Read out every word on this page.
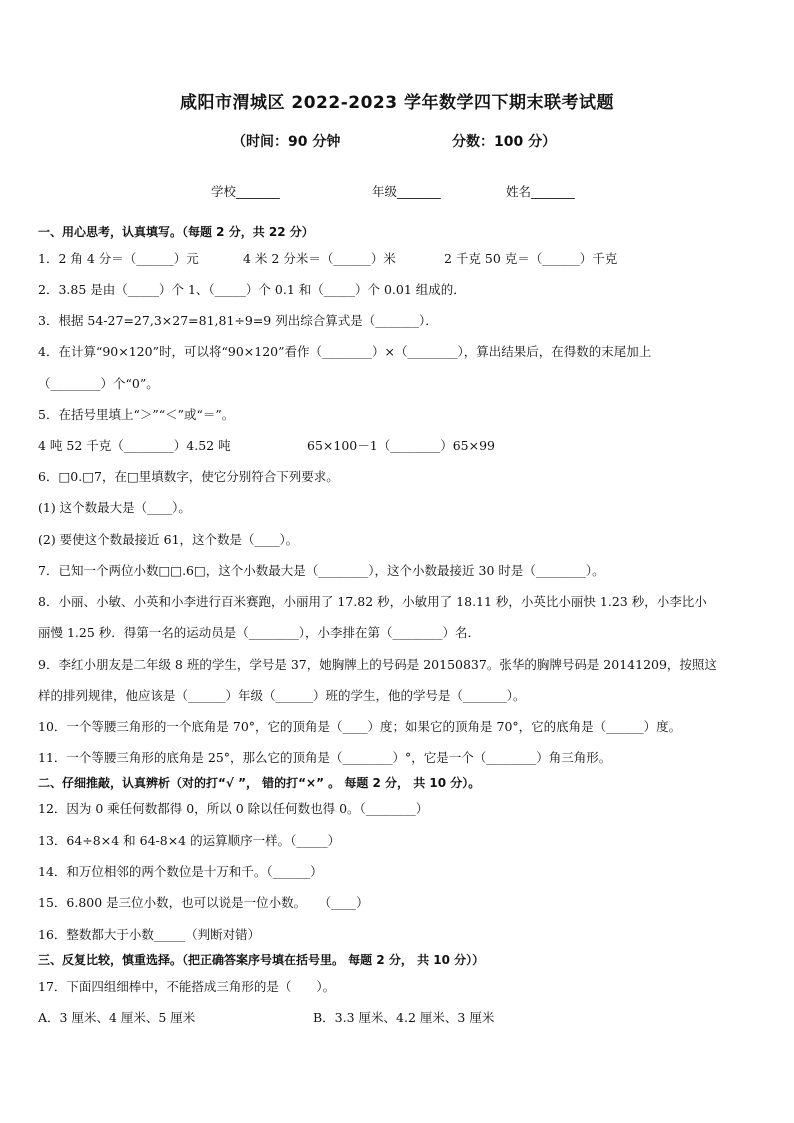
咸阳市渭城区 2022-2023 学年数学四下期末联考试题
（时间：90 分钟	分数：100 分）
学校_______	年级_______	姓名_______
一、用心思考，认真填写。（每题 2 分，共 22 分）
1．2 角 4 分＝（______）元	4 米 2 分米＝（______）米	2 千克 50 克＝（______）千克
2．3.85 是由（_____）个 1、（_____）个 0.1 和（_____）个 0.01 组成的．
3．根据 54-27=27,3×27=81,81÷9=9 列出综合算式是（_______）．
4．在计算“90×120”时，可以将“90×120”看作（________）×（________），算出结果后，在得数的末尾加上
（________）个“0”。
5．在括号里填上“＞”“＜”或“＝”。
4 吨 52 千克（________）4.52 吨	65×100－1（________）65×99
6．□0.□7，在□里填数字，使它分别符合下列要求。
(1) 这个数最大是（____）。
(2) 要使这个数最接近 61，这个数是（____）。
7．已知一个两位小数□□.6□，这个小数最大是（________），这个小数最接近 30 时是（________）。
8．小丽、小敏、小英和小李进行百米赛跑，小丽用了 17.82 秒，小敏用了 18.11 秒，小英比小丽快 1.23 秒，小李比小
丽慢 1.25 秒．得第一名的运动员是（________），小李排在第（________）名．
9．李红小朋友是二年级 8 班的学生，学号是 37，她胸牌上的号码是 20150837。张华的胸牌号码是 20141209，按照这
样的排列规律，他应该是（______）年级（______）班的学生，他的学号是（_______）。
10．一个等腰三角形的一个底角是 70°，它的顶角是（____）度；如果它的顶角是 70°，它的底角是（______）度。
11．一个等腰三角形的底角是 25°，那么它的顶角是（________）°，它是一个（________）角三角形。
二、仔细推敲，认真辨析（对的打“√ ”， 错的打“×” 。 每题 2 分， 共 10 分）。
12．因为 0 乘任何数都得 0，所以 0 除以任何数也得 0。（________）
13．64÷8×4 和 64-8×4 的运算顺序一样。（_____）
14．和万位相邻的两个数位是十万和千。（______）
15．6.800 是三位小数，也可以说是一位小数。　　（____）
16．整数都大于小数_____（判断对错）
三、反复比较，慎重选择。（把正确答案序号填在括号里。 每题 2 分， 共 10 分））
17．下面四组细棒中，不能搭成三角形的是（　　）。
A．3 厘米、4 厘米、5 厘米	B．3.3 厘米、4.2 厘米、3 厘米
